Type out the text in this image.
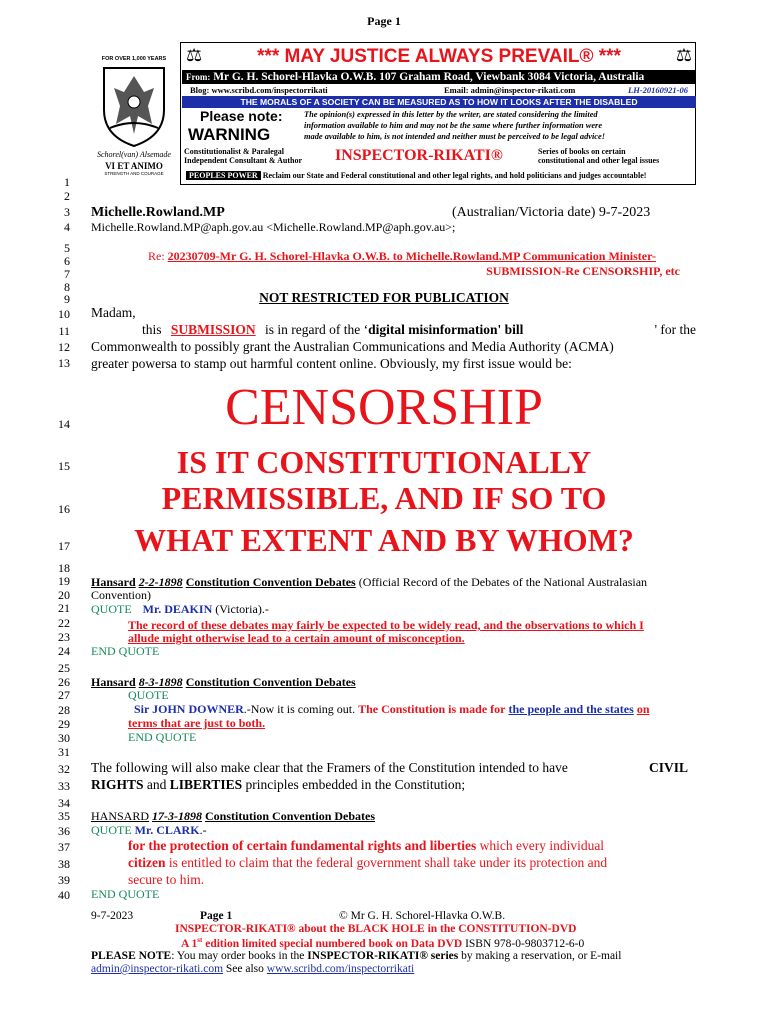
Page 1
FOR OVER 1,000 YEARS
Schorel(van) Alsemade
VI ET ANIMO
STRENGTH AND COURAGE
⚖	*** MAY JUSTICE ALWAYS PREVAIL® ***	⚖
From: Mr G. H. Schorel-Hlavka O.W.B. 107 Graham Road, Viewbank 3084 Victoria, Australia
Blog: www.scribd.com/inspectorrikati	Email: admin@inspector-rikati.com	LH-20160921-06
THE MORALS OF A SOCIETY CAN BE MEASURED AS TO HOW IT LOOKS AFTER THE DISABLED
Please note:
WARNING
The opinion(s) expressed in this letter by the writer, are stated considering the limited
information available to him and may not be the same where further information were
made available to him, is not intended and neither must be perceived to be legal advice!
Constitutionalist & Paralegal
Independent Consultant & Author INSPECTOR-RIKATI®	Series of books on certain
constitutional and other legal issues
PEOPLES POWER Reclaim our State and Federal constitutional and other legal rights, and hold politicians and judges accountable!
1
2
3
4
5
6
7
8
9
10
11
12
13
14
15
16
17
18
19
20
21
22
23
24
25
26
27
28
29
30
31
32
33
34
35
36
37
38
39
40
Michelle.Rowland.MP	(Australian/Victoria date) 9-7-2023
Michelle.Rowland.MP@aph.gov.au <Michelle.Rowland.MP@aph.gov.au>;
Re: 20230709-Mr G. H. Schorel-Hlavka O.W.B. to Michelle.Rowland.MP Communication Minister-
SUBMISSION-Re CENSORSHIP, etc
NOT RESTRICTED FOR PUBLICATION
Madam,
this SUBMISSION is in regard of the ‘digital misinformation' bill	' for the
Commonwealth to possibly grant the Australian Communications and Media Authority (ACMA)
greater powersa to stamp out harmful content online. Obviously, my first issue would be:
CENSORSHIP
IS IT CONSTITUTIONALLY
PERMISSIBLE, AND IF SO TO
WHAT EXTENT AND BY WHOM?
Hansard 2-2-1898 Constitution Convention Debates (Official Record of the Debates of the National Australasian
Convention)
QUOTE Mr. DEAKIN (Victoria).-
The record of these debates may fairly be expected to be widely read, and the observations to which I
allude might otherwise lead to a certain amount of misconception.
END QUOTE
Hansard 8-3-1898 Constitution Convention Debates
QUOTE
Sir JOHN DOWNER.-Now it is coming out. The Constitution is made for the people and the states on
terms that are just to both.
END QUOTE
The following will also make clear that the Framers of the Constitution intended to have	CIVIL
RIGHTS and LIBERTIES principles embedded in the Constitution;
HANSARD 17-3-1898 Constitution Convention Debates
QUOTE Mr. CLARK.-
for the protection of certain fundamental rights and liberties which every individual
citizen is entitled to claim that the federal government shall take under its protection and
secure to him.
END QUOTE
9-7-2023	Page 1	© Mr G. H. Schorel-Hlavka O.W.B.
INSPECTOR-RIKATI® about the BLACK HOLE in the CONSTITUTION-DVD
A 1st edition limited special numbered book on Data DVD ISBN 978-0-9803712-6-0
PLEASE NOTE: You may order books in the INSPECTOR-RIKATI® series by making a reservation, or E-mail
admin@inspector-rikati.com See also www.scribd.com/inspectorrikati
